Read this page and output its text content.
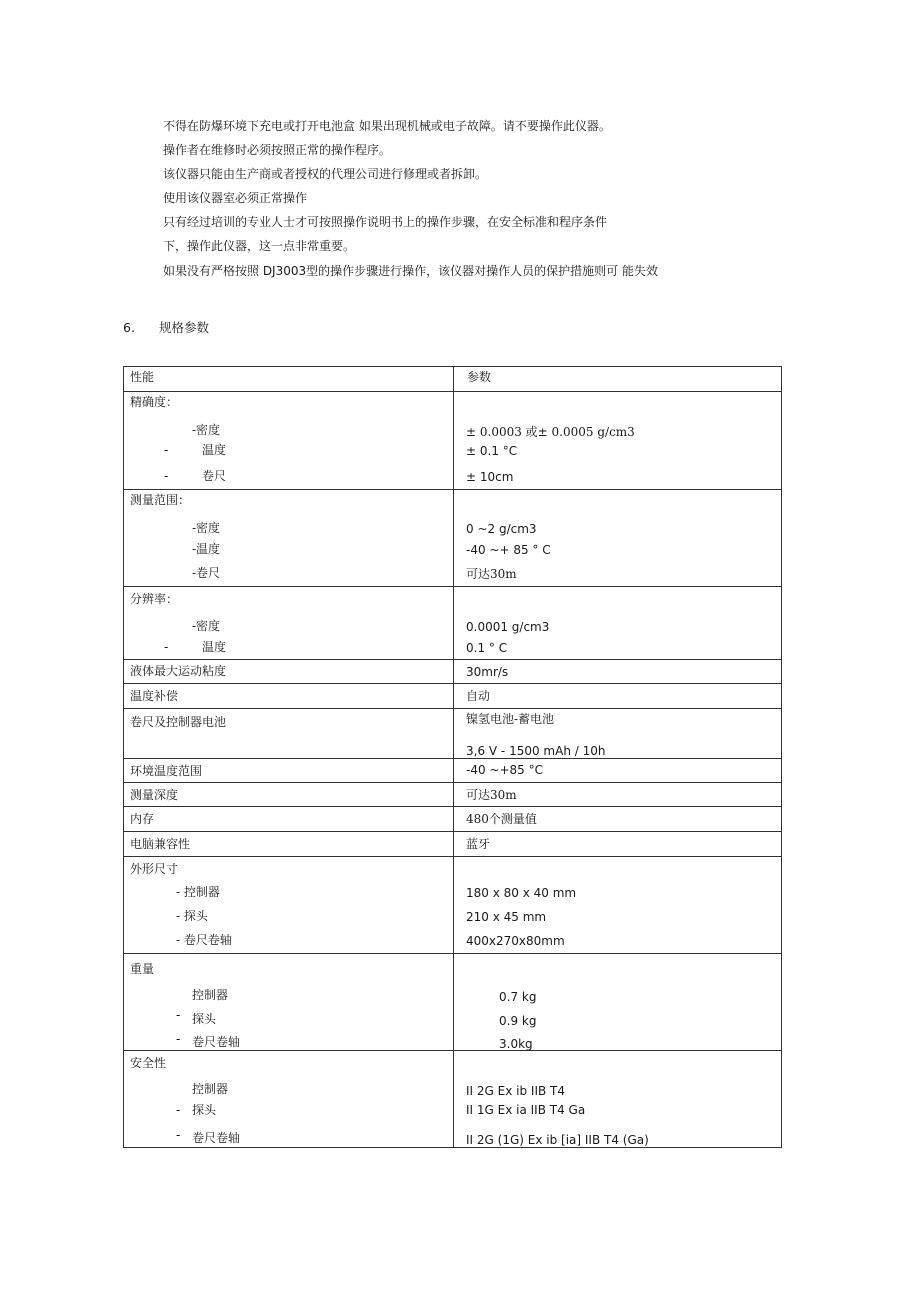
不得在防爆环境下充电或打开电池盒 如果出现机械或电子故障。请不要操作此仪器。
操作者在维修时必须按照正常的操作程序。
该仪器只能由生产商或者授权的代理公司进行修理或者拆卸。
使用该仪器室必须正常操作
只有经过培训的专业人士才可按照操作说明书上的操作步骤，在安全标准和程序条件
下，操作此仪器，这一点非常重要。
如果没有严格按照 DJ3003型的操作步骤进行操作，该仪器对操作人员的保护措施则可 能失效
6. 规格参数
性能	参数
精确度：
-密度	± 0.0003 或± 0.0005 g/cm3
-	温度	± 0.1 °C
-	卷尺	± 10cm
测量范围：
-密度	0 ~2 g/cm3
-温度	-40 ~+ 85 ° C
-卷尺	可达30m
分辨率：
-密度	0.0001 g/cm3
-	温度	0.1 ° C
液体最大运动粘度	30mr/s
温度补偿	自动
卷尺及控制器电池	镍氢电池-蓄电池
3,6 V - 1500 mAh / 10h
环境温度范围	-40 ~+85 °C
测量深度	可达30m
内存	480个测量值
电脑兼容性	蓝牙
外形尺寸
- 控制器	180 x 80 x 40 mm
- 探头	210 x 45 mm
- 卷尺卷轴	400x270x80mm
重量
控制器	0.7 kg
- 探头	0.9 kg
- 卷尺卷轴	3.0kg
安全性
控制器	II 2G Ex ib IIB T4
- 探头	II 1G Ex ia IIB T4 Ga
- 卷尺卷轴	II 2G (1G) Ex ib [ia] IIB T4 (Ga)
